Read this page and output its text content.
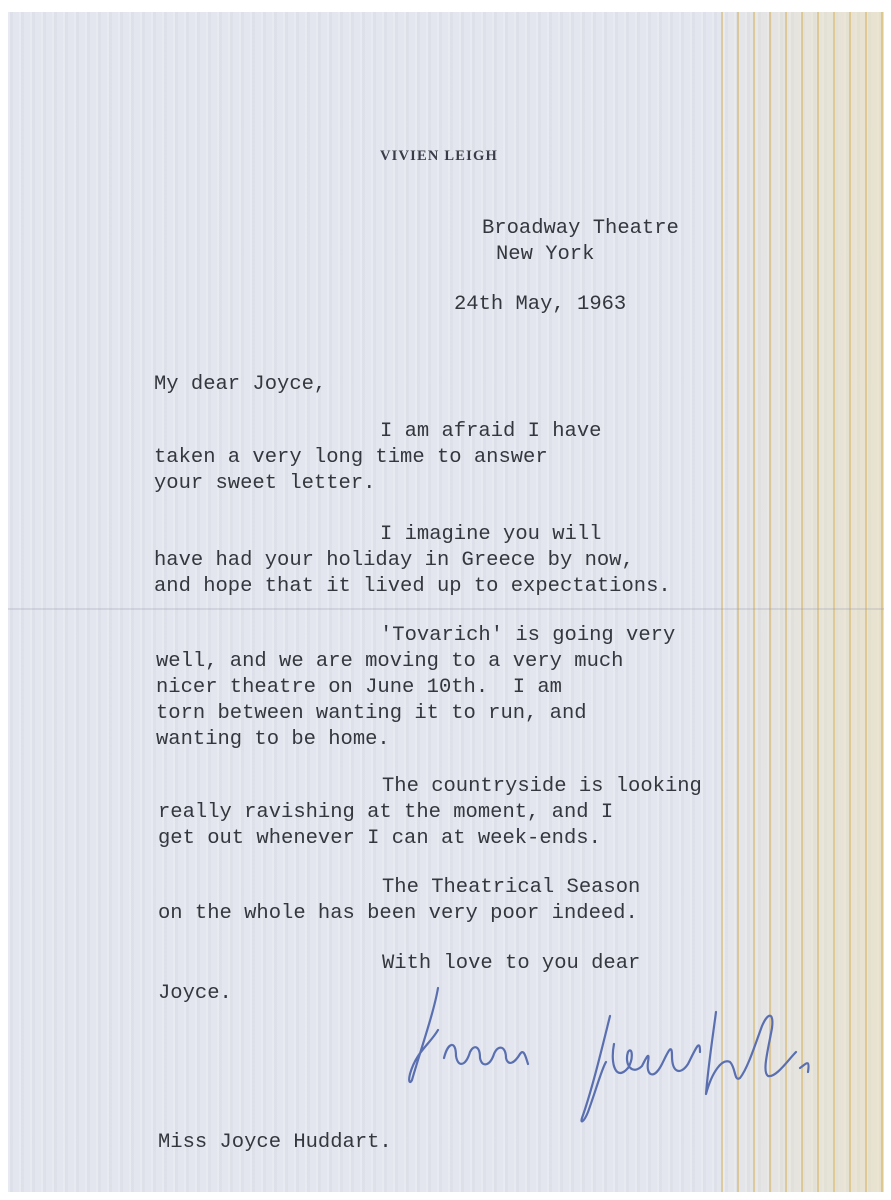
VIVIEN LEIGH
Broadway Theatre
New York
24th May, 1963
My dear Joyce,
I am afraid I have
taken a very long time to answer
your sweet letter.
I imagine you will
have had your holiday in Greece by now,
and hope that it lived up to expectations.
'Tovarich' is going very
well, and we are moving to a very much
nicer theatre on June 10th.  I am
torn between wanting it to run, and
wanting to be home.
The countryside is looking
really ravishing at the moment, and I
get out whenever I can at week-ends.
The Theatrical Season
on the whole has been very poor indeed.
With love to you dear
Joyce.
Miss Joyce Huddart.
